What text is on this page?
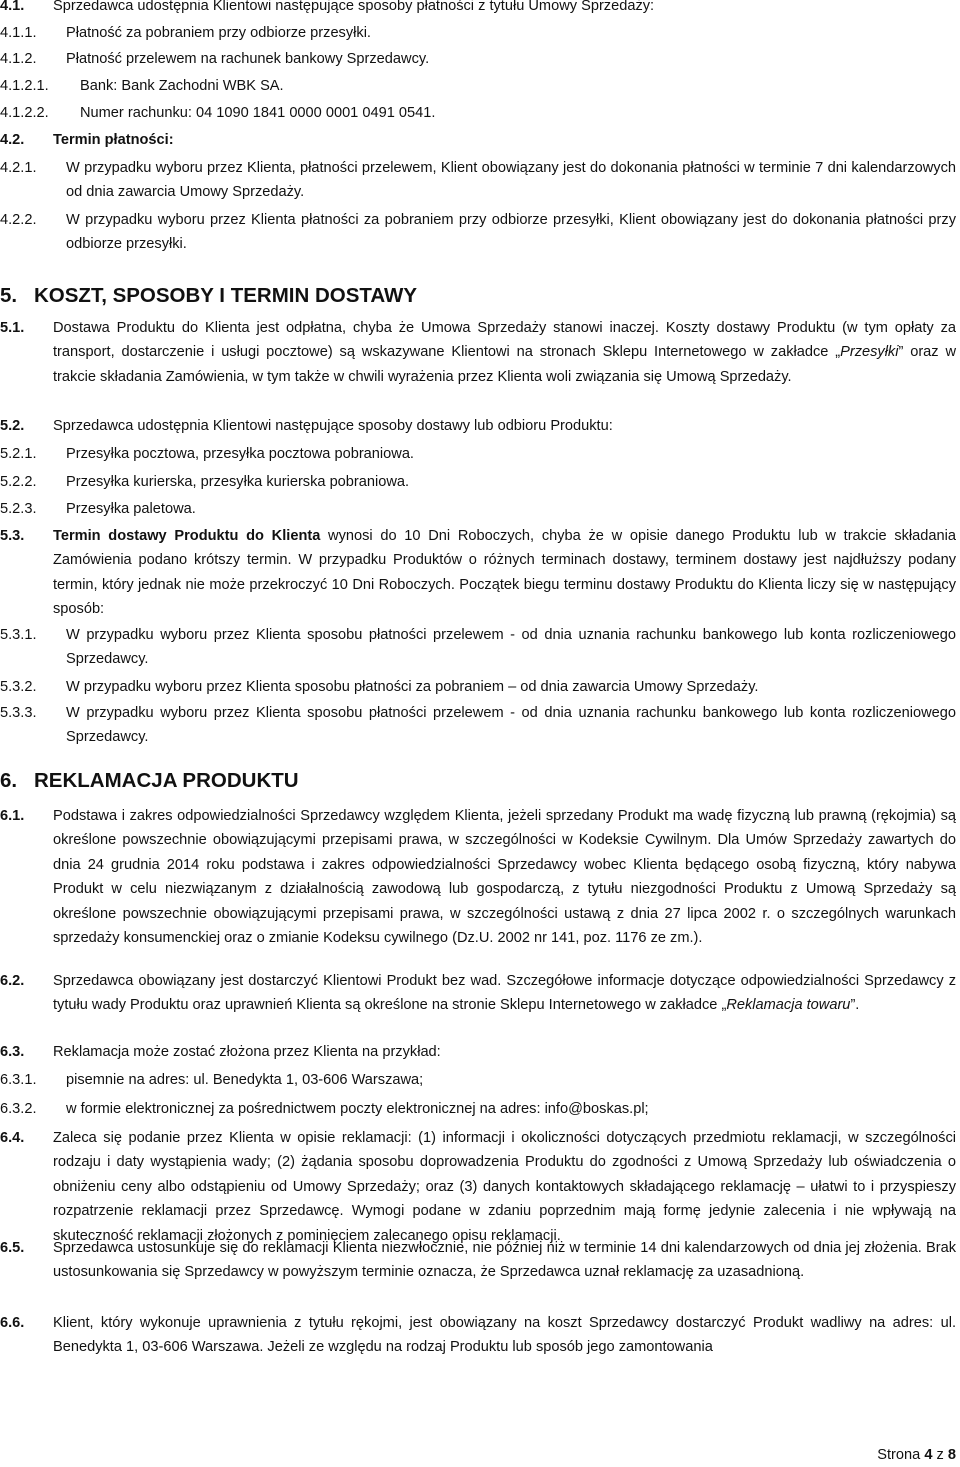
4.1. Sprzedawca udostępnia Klientowi następujące sposoby płatności z tytułu Umowy Sprzedaży:
4.1.1. Płatność za pobraniem przy odbiorze przesyłki.
4.1.2. Płatność przelewem na rachunek bankowy Sprzedawcy.
4.1.2.1. Bank: Bank Zachodni WBK SA.
4.1.2.2. Numer rachunku: 04 1090 1841 0000 0001 0491 0541.
4.2. Termin płatności:
4.2.1. W przypadku wyboru przez Klienta, płatności przelewem, Klient obowiązany jest do dokonania płatności w terminie 7 dni kalendarzowych od dnia zawarcia Umowy Sprzedaży.
4.2.2. W przypadku wyboru przez Klienta płatności za pobraniem przy odbiorze przesyłki, Klient obowiązany jest do dokonania płatności przy odbiorze przesyłki.
5. KOSZT, SPOSOBY I TERMIN DOSTAWY
5.1. Dostawa Produktu do Klienta jest odpłatna, chyba że Umowa Sprzedaży stanowi inaczej. Koszty dostawy Produktu (w tym opłaty za transport, dostarczenie i usługi pocztowe) są wskazywane Klientowi na stronach Sklepu Internetowego w zakładce „Przesyłki” oraz w trakcie składania Zamówienia, w tym także w chwili wyrażenia przez Klienta woli związania się Umową Sprzedaży.
5.2. Sprzedawca udostępnia Klientowi następujące sposoby dostawy lub odbioru Produktu:
5.2.1. Przesyłka pocztowa, przesyłka pocztowa pobraniowa.
5.2.2. Przesyłka kurierska, przesyłka kurierska pobraniowa.
5.2.3. Przesyłka paletowa.
5.3. Termin dostawy Produktu do Klienta wynosi do 10 Dni Roboczych, chyba że w opisie danego Produktu lub w trakcie składania Zamówienia podano krótszy termin. W przypadku Produktów o różnych terminach dostawy, terminem dostawy jest najdłuższy podany termin, który jednak nie może przekroczyć 10 Dni Roboczych. Początek biegu terminu dostawy Produktu do Klienta liczy się w następujący sposób:
5.3.1. W przypadku wyboru przez Klienta sposobu płatności przelewem - od dnia uznania rachunku bankowego lub konta rozliczeniowego Sprzedawcy.
5.3.2. W przypadku wyboru przez Klienta sposobu płatności za pobraniem – od dnia zawarcia Umowy Sprzedaży.
5.3.3. W przypadku wyboru przez Klienta sposobu płatności przelewem - od dnia uznania rachunku bankowego lub konta rozliczeniowego Sprzedawcy.
6. REKLAMACJA PRODUKTU
6.1. Podstawa i zakres odpowiedzialności Sprzedawcy względem Klienta, jeżeli sprzedany Produkt ma wadę fizyczną lub prawną (rękojmia) są określone powszechnie obowiązującymi przepisami prawa, w szczególności w Kodeksie Cywilnym. Dla Umów Sprzedaży zawartych do dnia 24 grudnia 2014 roku podstawa i zakres odpowiedzialności Sprzedawcy wobec Klienta będącego osobą fizyczną, który nabywa Produkt w celu niezwiązanym z działalnością zawodową lub gospodarczą, z tytułu niezgodności Produktu z Umową Sprzedaży są określone powszechnie obowiązującymi przepisami prawa, w szczególności ustawą z dnia 27 lipca 2002 r. o szczególnych warunkach sprzedaży konsumenckiej oraz o zmianie Kodeksu cywilnego (Dz.U. 2002 nr 141, poz. 1176 ze zm.).
6.2. Sprzedawca obowiązany jest dostarczyć Klientowi Produkt bez wad. Szczegółowe informacje dotyczące odpowiedzialności Sprzedawcy z tytułu wady Produktu oraz uprawnień Klienta są określone na stronie Sklepu Internetowego w zakładce „Reklamacja towaru”.
6.3. Reklamacja może zostać złożona przez Klienta na przykład:
6.3.1. pisemnie na adres: ul. Benedykta 1, 03-606 Warszawa;
6.3.2. w formie elektronicznej za pośrednictwem poczty elektronicznej na adres: info@boskas.pl;
6.4. Zaleca się podanie przez Klienta w opisie reklamacji: (1) informacji i okoliczności dotyczących przedmiotu reklamacji, w szczególności rodzaju i daty wystąpienia wady; (2) żądania sposobu doprowadzenia Produktu do zgodności z Umową Sprzedaży lub oświadczenia o obniżeniu ceny albo odstąpieniu od Umowy Sprzedaży; oraz (3) danych kontaktowych składającego reklamację – ułatwi to i przyspieszy rozpatrzenie reklamacji przez Sprzedawcę. Wymogi podane w zdaniu poprzednim mają formę jedynie zalecenia i nie wpływają na skuteczność reklamacji złożonych z pominięciem zalecanego opisu reklamacji.
6.5. Sprzedawca ustosunkuje się do reklamacji Klienta niezwłocznie, nie później niż w terminie 14 dni kalendarzowych od dnia jej złożenia. Brak ustosunkowania się Sprzedawcy w powyższym terminie oznacza, że Sprzedawca uznał reklamację za uzasadnioną.
6.6. Klient, który wykonuje uprawnienia z tytułu rękojmi, jest obowiązany na koszt Sprzedawcy dostarczyć Produkt wadliwy na adres: ul. Benedykta 1, 03-606 Warszawa. Jeżeli ze względu na rodzaj Produktu lub sposób jego zamontowania
Strona 4 z 8
